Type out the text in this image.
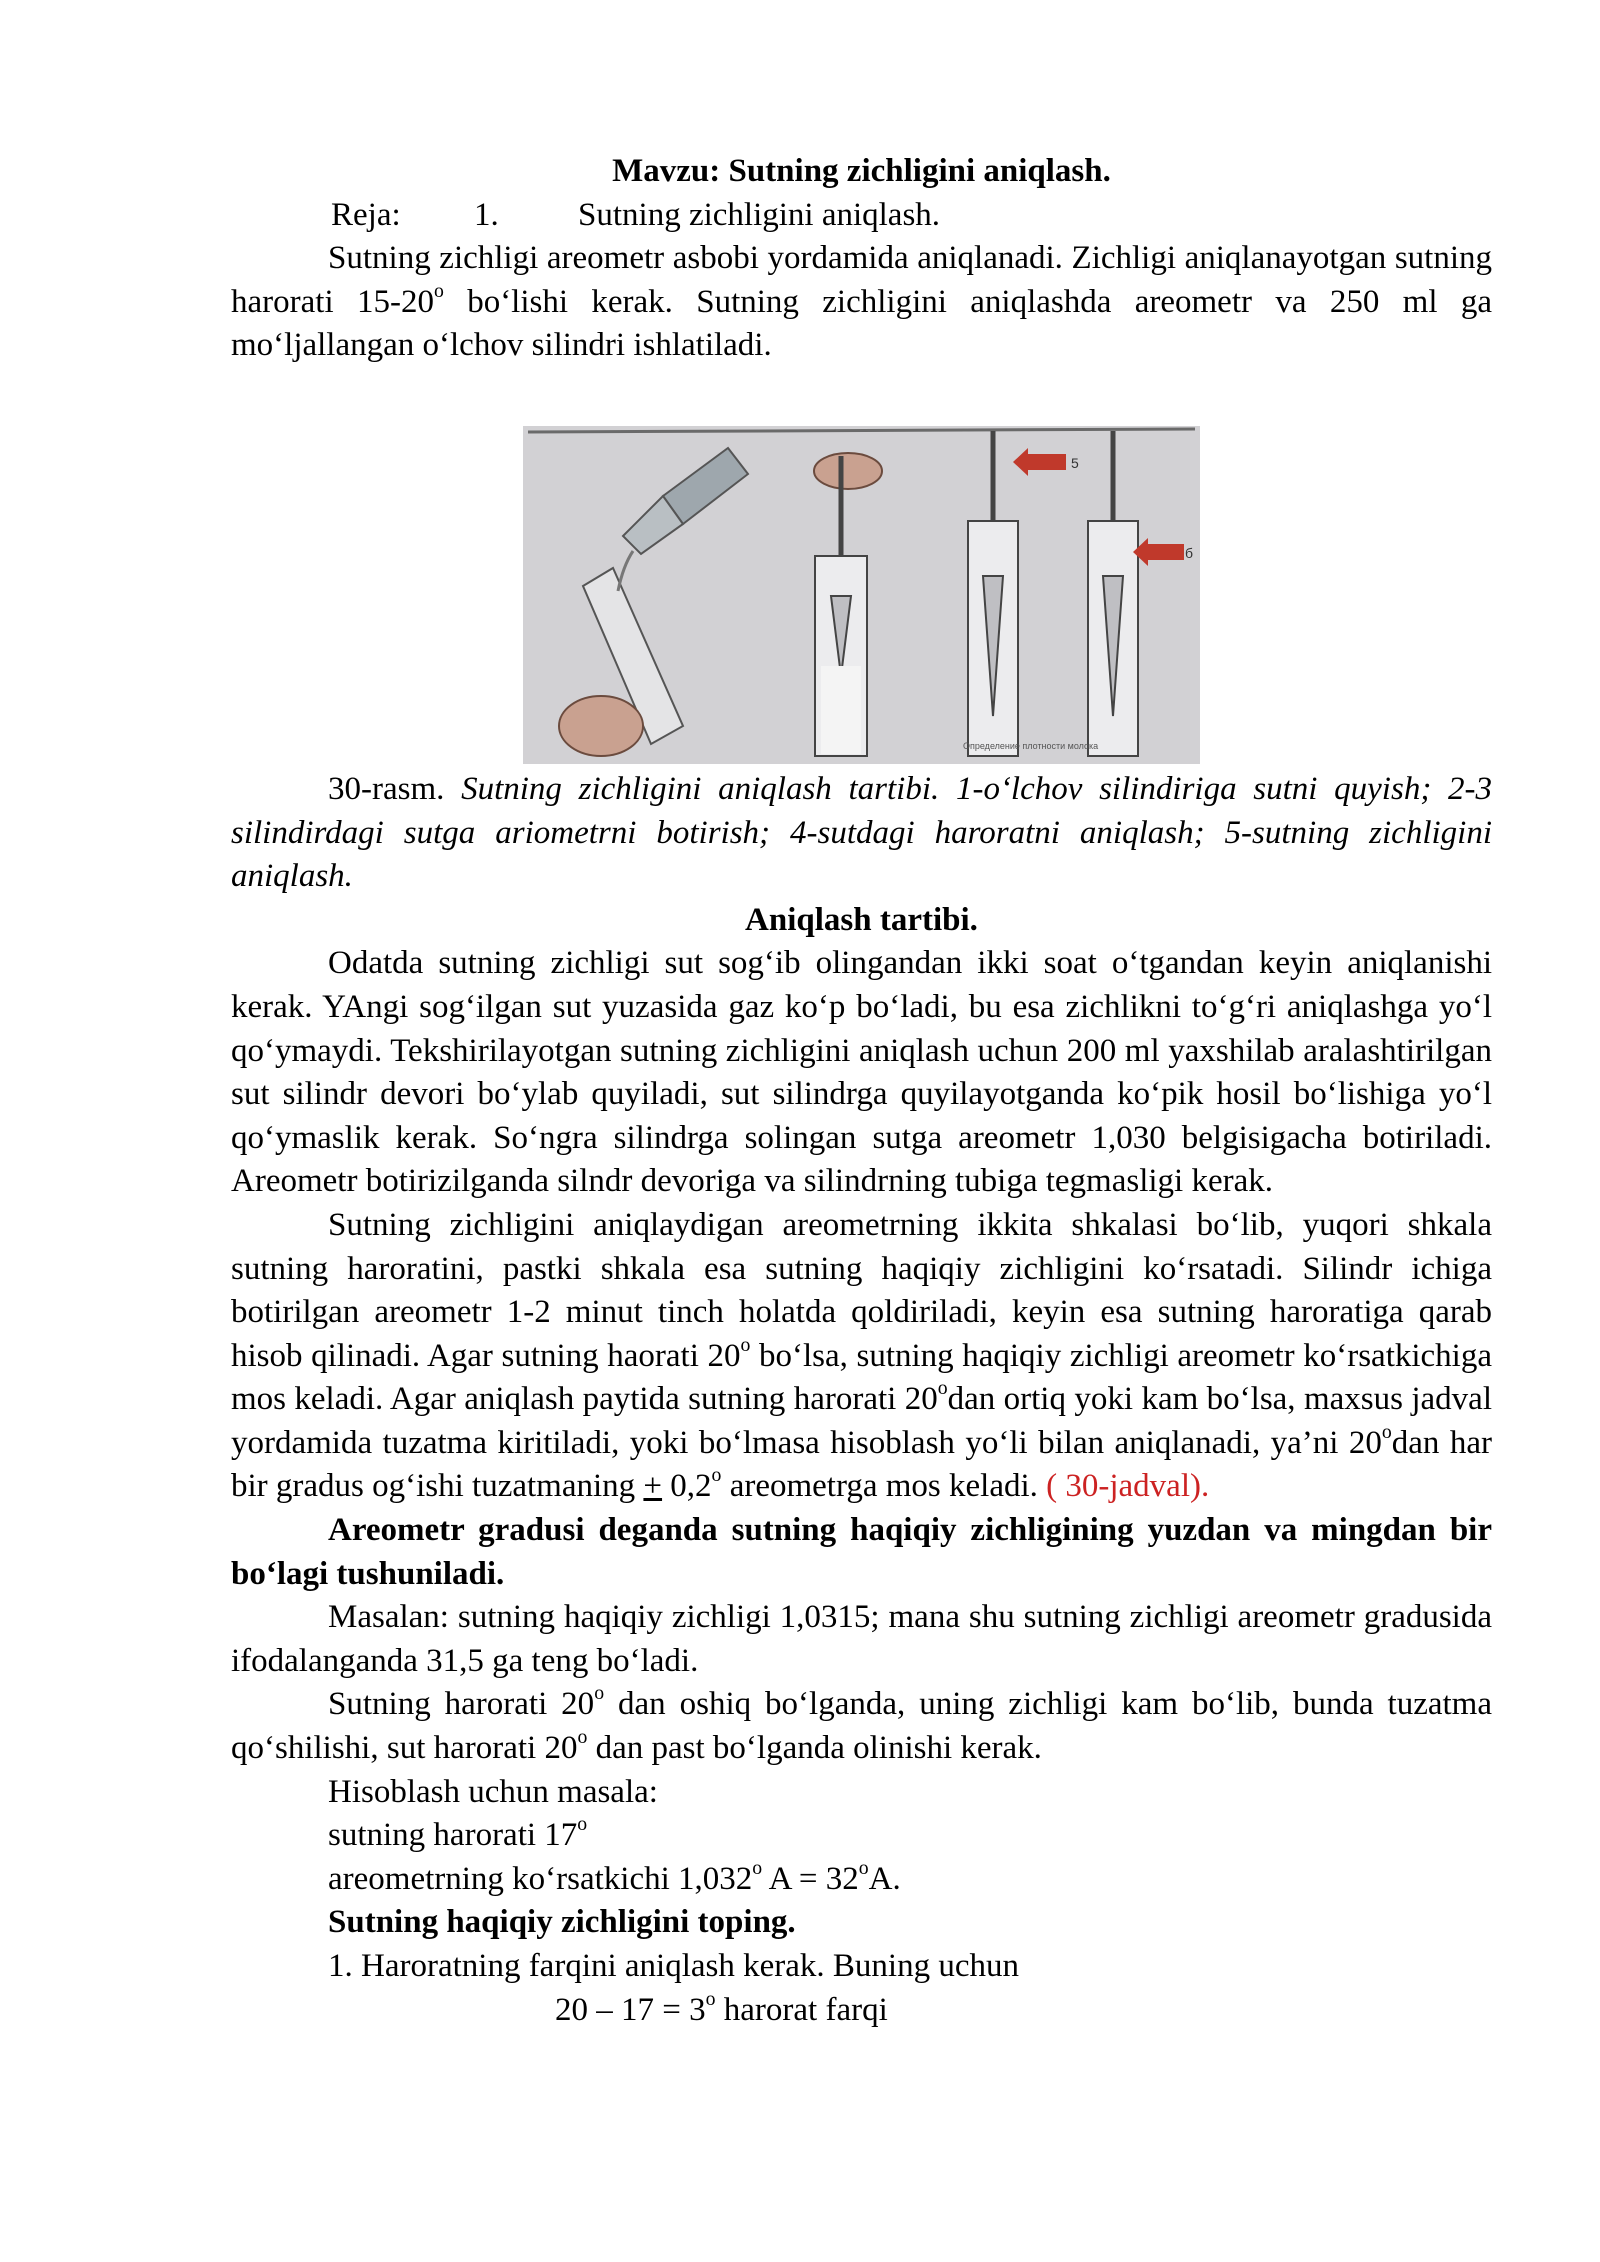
Mavzu: Sutning zichligini aniqlash.

Reja: 1. Sutning zichligini aniqlash.

Sutning zichligi areometr asbobi yordamida aniqlanadi. Zichligi aniqlanayotgan sutning harorati 15-20$^o$ bo‘lishi kerak. Sutning zichligini aniqlashda areometr va 250 ml ga mo‘ljallangan o‘lchov silindri ishlatiladi.

5
б
Определение плотности молока

30-rasm. Sutning zichligini aniqlash tartibi. 1-o‘lchov silindiriga sutni quyish; 2-3 silindirdagi sutga ariometrni botirish; 4-sutdagi haroratni aniqlash; 5-sutning zichligini aniqlash.

Aniqlash tartibi.

Odatda sutning zichligi sut sog‘ib olingandan ikki soat o‘tgandan keyin aniqlanishi kerak. YAngi sog‘ilgan sut yuzasida gaz ko‘p bo‘ladi, bu esa zichlikni to‘g‘ri aniqlashga yo‘l qo‘ymaydi. Tekshirilayotgan sutning zichligini aniqlash uchun 200 ml yaxshilab aralashtirilgan sut silindr devori bo‘ylab quyiladi, sut silindrga quyilayotganda ko‘pik hosil bo‘lishiga yo‘l qo‘ymaslik kerak. So‘ngra silindrga solingan sutga areometr 1,030 belgisigacha botiriladi. Areometr botirizilganda silndr devoriga va silindrning tubiga tegmasligi kerak.

Sutning zichligini aniqlaydigan areometrning ikkita shkalasi bo‘lib, yuqori shkala sutning haroratini, pastki shkala esa sutning haqiqiy zichligini ko‘rsatadi. Silindr ichiga botirilgan areometr 1-2 minut tinch holatda qoldiriladi, keyin esa sutning haroratiga qarab hisob qilinadi. Agar sutning haorati 20$^o$ bo‘lsa, sutning haqiqiy zichligi areometr ko‘rsatkichiga mos keladi. Agar aniqlash paytida sutning harorati 20$^o$dan ortiq yoki kam bo‘lsa, maxsus jadval yordamida tuzatma kiritiladi, yoki bo‘lmasa hisoblash yo‘li bilan aniqlanadi, ya’ni 20$^o$dan har bir gradus og‘ishi tuzatmaning + $0,2^o$ areometrga mos keladi. ( 30-jadval).

Areometr gradusi deganda sutning haqiqiy zichligining yuzdan va mingdan bir bo‘lagi tushuniladi.

Masalan: sutning haqiqiy zichligi 1,0315; mana shu sutning zichligi areometr gradusida ifodalanganda 31,5 ga teng bo‘ladi.

Sutning harorati 20$^o$ dan oshiq bo‘lganda, uning zichligi kam bo‘lib, bunda tuzatma qo‘shilishi, sut harorati 20$^o$ dan past bo‘lganda olinishi kerak.

Hisoblash uchun masala:

sutning harorati 17$^o$

areometrning ko‘rsatkichi 1,032$^o$ $A = 32^oA$.

Sutning haqiqiy zichligini toping.

1. Haroratning farqini aniqlash kerak. Buning uchun

$20 - 17 = 3^o$ harorat farqi
